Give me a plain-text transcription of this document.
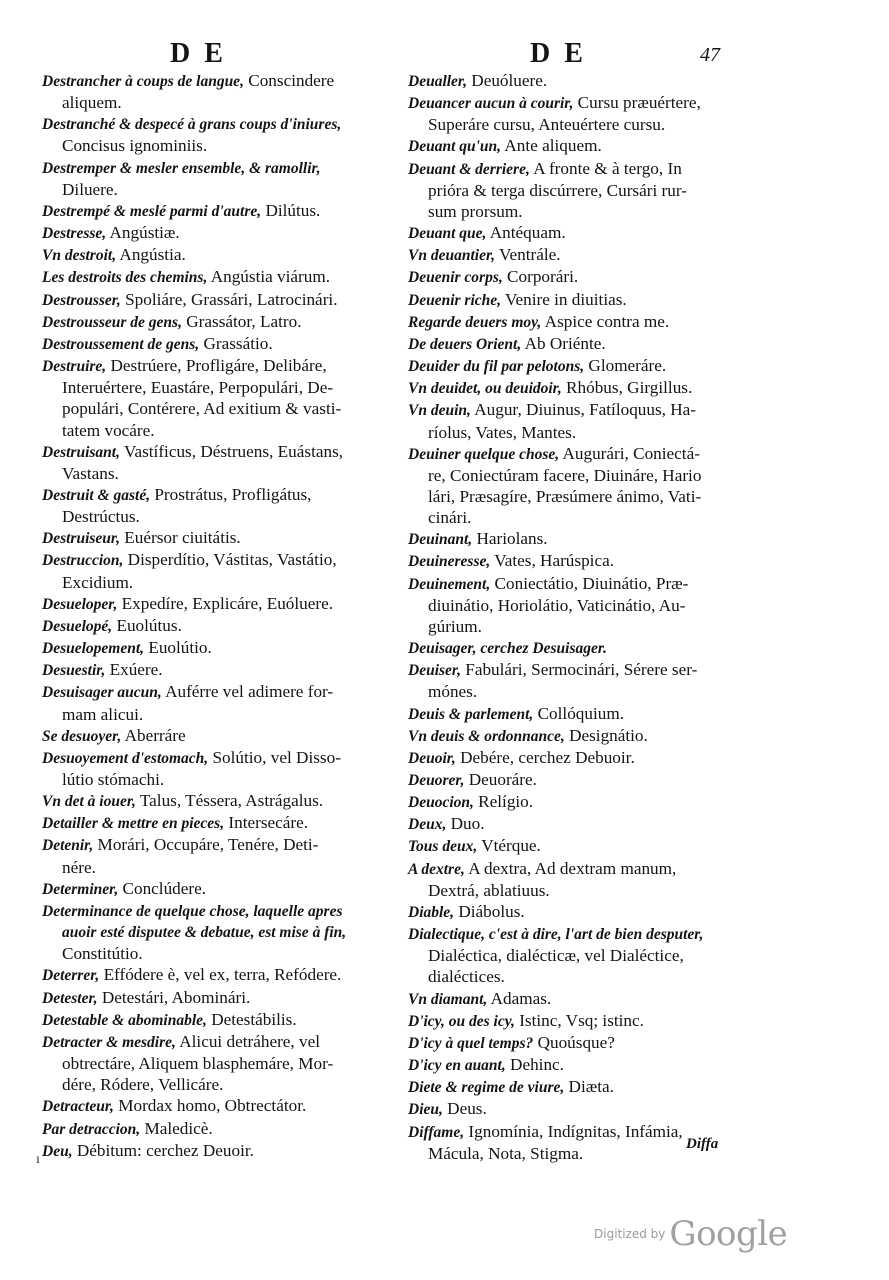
DE	DE	47
Destrancher à coups de langue, Conscindere
aliquem.
Destranché & despecé à grans coups d'iniures,
Concisus ignominiis.
Destremper & mesler ensemble, & ramollir,
Diluere.
Destrempé & meslé parmi d'autre, Dilútus.
Destresse, Angústiæ.
Vn destroit, Angústia.
Les destroits des chemins, Angústia viárum.
Destrousser, Spoliáre, Grassári, Latrocinári.
Destrousseur de gens, Grassátor, Latro.
Destroussement de gens, Grassátio.
Destruire, Destrúere, Profligáre, Delibáre,
Interuértere, Euastáre, Perpopulári, De-
populári, Contérere, Ad exitium & vasti-
tatem vocáre.
Destruisant, Vastíficus, Déstruens, Euástans,
Vastans.
Destruit & gasté, Prostrátus, Profligátus,
Destrúctus.
Destruiseur, Euérsor ciuitátis.
Destruccion, Disperdítio, Vástitas, Vastátio,
Excidium.
Desueloper, Expedíre, Explicáre, Euóluere.
Desuelopé, Euolútus.
Desuelopement, Euolútio.
Desuestir, Exúere.
Desuisager aucun, Auférre vel adimere for-
mam alicui.
Se desuoyer, Aberráre
Desuoyement d'estomach, Solútio, vel Disso-
lútio stómachi.
Vn det à iouer, Talus, Téssera, Astrágalus.
Detailler & mettre en pieces, Intersecáre.
Detenir, Morári, Occupáre, Tenére, Deti-
nére.
Determiner, Conclúdere.
Determinance de quelque chose, laquelle apres
auoir esté disputee & debatue, est mise à fin,
Constitútio.
Deterrer, Effódere è, vel ex, terra, Refódere.
Detester, Detestári, Abominári.
Detestable & abominable, Detestábilis.
Detracter & mesdire, Alicui detráhere, vel
obtrectáre, Aliquem blasphemáre, Mor-
dére, Ródere, Vellicáre.
Detracteur, Mordax homo, Obtrectátor.
Par detraccion, Maledicè.
Deu, Débitum: cerchez Deuoir.
Deualler, Deuóluere.
Deuancer aucun à courir, Cursu præuértere,
Superáre cursu, Anteuértere cursu.
Deuant qu'un, Ante aliquem.
Deuant & derriere, A fronte & à tergo, In
prióra & terga discúrrere, Cursári rur-
sum prorsum.
Deuant que, Antéquam.
Vn deuantier, Ventrále.
Deuenir corps, Corporári.
Deuenir riche, Venire in diuitias.
Regarde deuers moy, Aspice contra me.
De deuers Orient, Ab Oriénte.
Deuider du fil par pelotons, Glomeráre.
Vn deuidet, ou deuidoir, Rhóbus, Girgillus.
Vn deuin, Augur, Diuinus, Fatíloquus, Ha-
ríolus, Vates, Mantes.
Deuiner quelque chose, Augurári, Coniectá-
re, Coniectúram facere, Diuináre, Hario
lári, Præsagíre, Præsúmere ánimo, Vati-
cinári.
Deuinant, Hariolans.
Deuineresse, Vates, Harúspica.
Deuinement, Coniectátio, Diuinátio, Præ-
diuinátio, Horiolátio, Vaticinátio, Au-
gúrium.
Deuisager, cerchez Desuisager.
Deuiser, Fabulári, Sermocinári, Sérere ser-
mónes.
Deuis & parlement, Collóquium.
Vn deuis & ordonnance, Designátio.
Deuoir, Debére, cerchez Debuoir.
Deuorer, Deuoráre.
Deuocion, Relígio.
Deux, Duo.
Tous deux, Vtérque.
A dextre, A dextra, Ad dextram manum,
Dextrá, ablatiuus.
Diable, Diábolus.
Dialectique, c'est à dire, l'art de bien desputer,
Dialéctica, dialécticæ, vel Dialéctice,
dialéctices.
Vn diamant, Adamas.
D'icy, ou des icy, Istinc, Vsq; istinc.
D'icy à quel temps? Quoúsque?
D'icy en auant, Dehinc.
Diete & regime de viure, Diæta.
Dieu, Deus.
Diffame, Ignomínia, Indígnitas, Infámia,
Mácula, Nota, Stigma.	Diffa
ı
Digitized by Google
